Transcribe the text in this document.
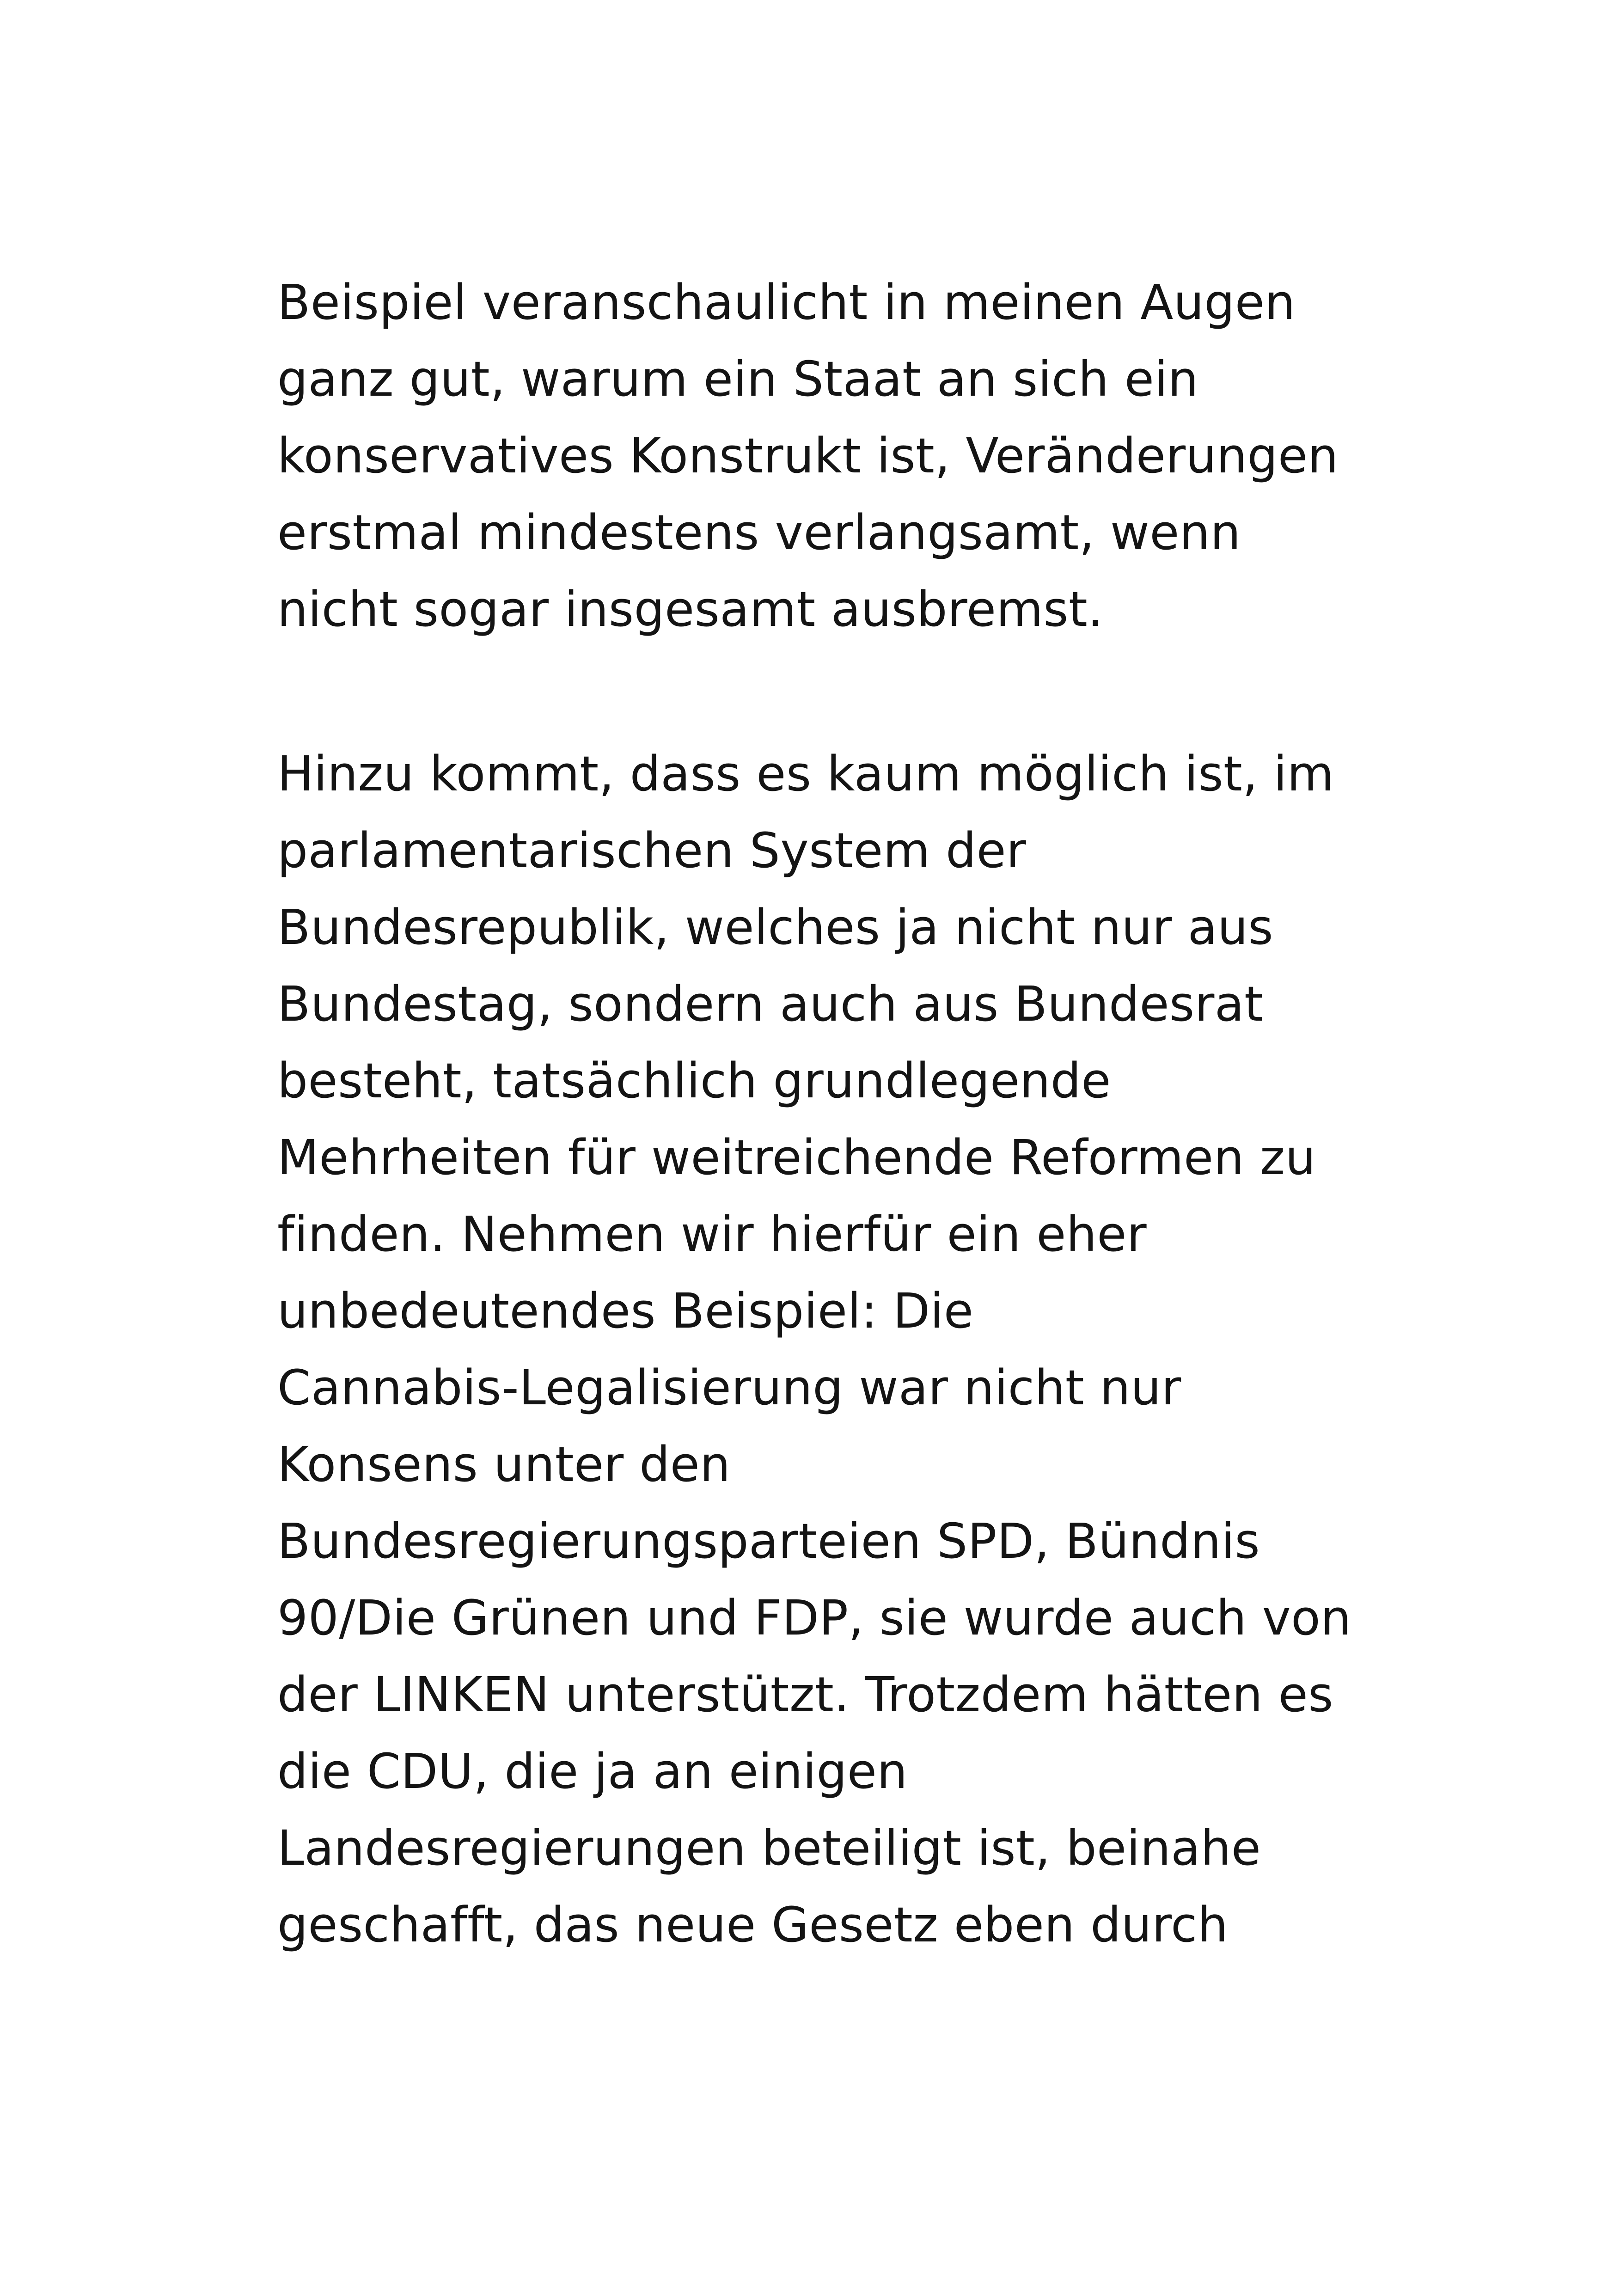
Beispiel veranschaulicht in meinen Augen
ganz gut, warum ein Staat an sich ein
konservatives Konstrukt ist, Veränderungen
erstmal mindestens verlangsamt, wenn
nicht sogar insgesamt ausbremst.
Hinzu kommt, dass es kaum möglich ist, im
parlamentarischen System der
Bundesrepublik, welches ja nicht nur aus
Bundestag, sondern auch aus Bundesrat
besteht, tatsächlich grundlegende
Mehrheiten für weitreichende Reformen zu
finden. Nehmen wir hierfür ein eher
unbedeutendes Beispiel: Die
Cannabis-Legalisierung war nicht nur
Konsens unter den
Bundesregierungsparteien SPD, Bündnis
90/Die Grünen und FDP, sie wurde auch von
der LINKEN unterstützt. Trotzdem hätten es
die CDU, die ja an einigen
Landesregierungen beteiligt ist, beinahe
geschafft, das neue Gesetz eben durch
